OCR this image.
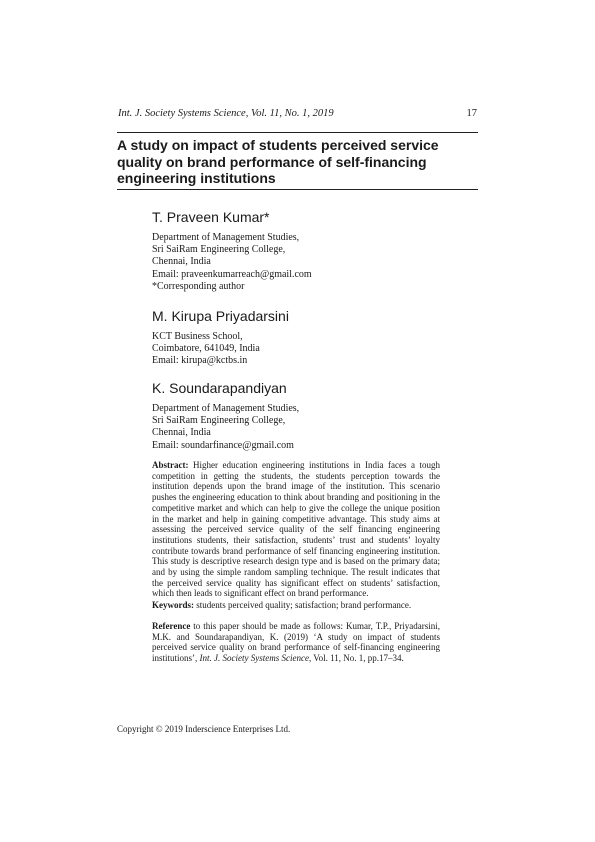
Int. J. Society Systems Science, Vol. 11, No. 1, 2019	17
A study on impact of students perceived service quality on brand performance of self-financing engineering institutions

T. Praveen Kumar*

Department of Management Studies,

Sri SaiRam Engineering College,

Chennai, India

Email: praveenkumarreach@gmail.com

*Corresponding author

M. Kirupa Priyadarsini

KCT Business School,

Coimbatore, 641049, India

Email: kirupa@kctbs.in

K. Soundarapandiyan

Department of Management Studies,

Sri SaiRam Engineering College,

Chennai, India

Email: soundarfinance@gmail.com

Abstract: Higher education engineering institutions in India faces a tough competition in getting the students, the students perception towards the institution depends upon the brand image of the institution. This scenario pushes the engineering education to think about branding and positioning in the competitive market and which can help to give the college the unique position in the market and help in gaining competitive advantage. This study aims at assessing the perceived service quality of the self financing engineering institutions students, their satisfaction, students’ trust and students’ loyalty contribute towards brand performance of self financing engineering institution. This study is descriptive research design type and is based on the primary data; and by using the simple random sampling technique. The result indicates that the perceived service quality has significant effect on students’ satisfaction, which then leads to significant effect on brand performance.

Keywords: students perceived quality; satisfaction; brand performance.

Reference to this paper should be made as follows: Kumar, T.P., Priyadarsini, M.K. and Soundarapandiyan, K. (2019) ‘A study on impact of students perceived service quality on brand performance of self-financing engineering institutions’, Int. J. Society Systems Science, Vol. 11, No. 1, pp.17–34.

Copyright © 2019 Inderscience Enterprises Ltd.
